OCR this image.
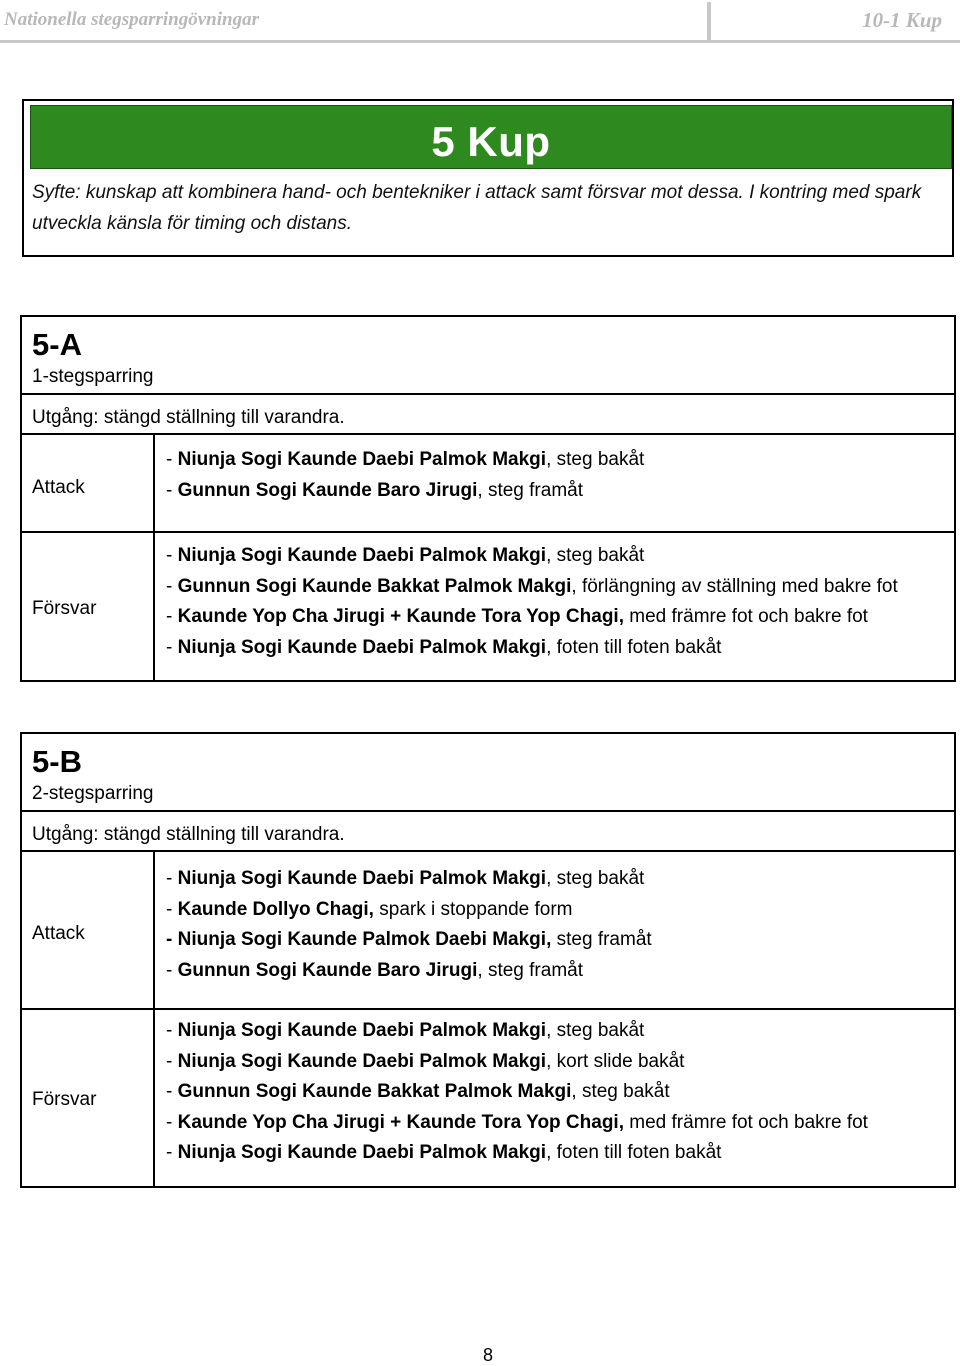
Nationella stegsparringövningar	10-1 Kup
5 Kup
Syfte: kunskap att kombinera hand- och bentekniker i attack samt försvar mot dessa. I kontring med spark utveckla känsla för timing och distans.
5-A
1-stegsparring
Utgång: stängd ställning till varandra.
Attack
- Niunja Sogi Kaunde Daebi Palmok Makgi, steg bakåt
- Gunnun Sogi Kaunde Baro Jirugi, steg framåt
Försvar
- Niunja Sogi Kaunde Daebi Palmok Makgi, steg bakåt
- Gunnun Sogi Kaunde Bakkat Palmok Makgi, förlängning av ställning med bakre fot
- Kaunde Yop Cha Jirugi + Kaunde Tora Yop Chagi, med främre fot och bakre fot
- Niunja Sogi Kaunde Daebi Palmok Makgi, foten till foten bakåt
5-B
2-stegsparring
Utgång: stängd ställning till varandra.
Attack
- Niunja Sogi Kaunde Daebi Palmok Makgi, steg bakåt
- Kaunde Dollyo Chagi, spark i stoppande form
- Niunja Sogi Kaunde Palmok Daebi Makgi, steg framåt
- Gunnun Sogi Kaunde Baro Jirugi, steg framåt
Försvar
- Niunja Sogi Kaunde Daebi Palmok Makgi, steg bakåt
- Niunja Sogi Kaunde Daebi Palmok Makgi, kort slide bakåt
- Gunnun Sogi Kaunde Bakkat Palmok Makgi, steg bakåt
- Kaunde Yop Cha Jirugi + Kaunde Tora Yop Chagi, med främre fot och bakre fot
- Niunja Sogi Kaunde Daebi Palmok Makgi, foten till foten bakåt
8
